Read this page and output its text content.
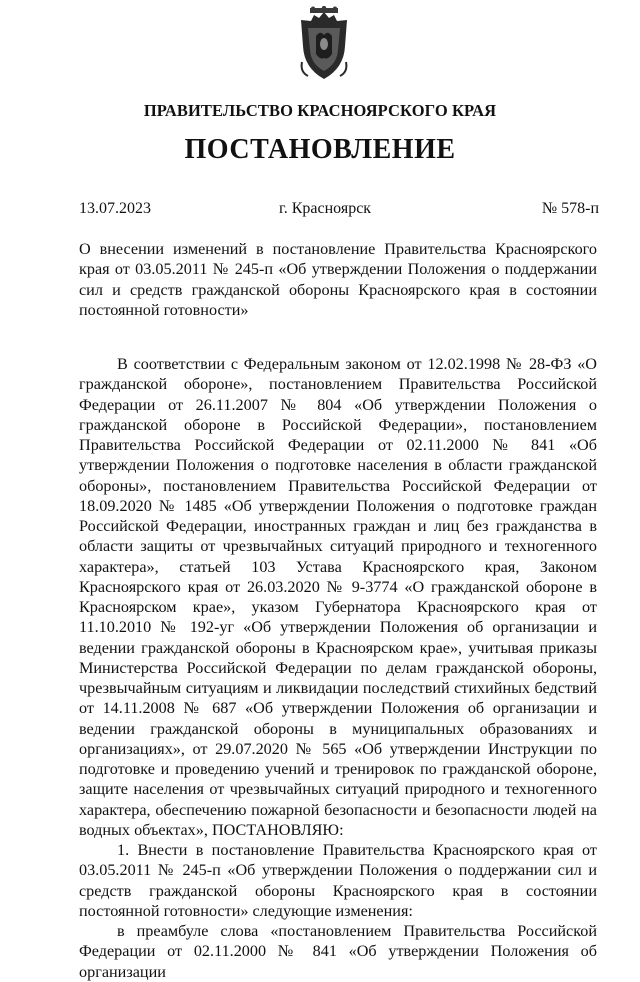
ПРАВИТЕЛЬСТВО КРАСНОЯРСКОГО КРАЯ
ПОСТАНОВЛЕНИЕ
13.07.2023	г. Красноярск	№ 578-п
О внесении изменений в постановление Правительства Красноярского края от 03.05.2011 № 245-п «Об утверждении Положения о поддержании сил и средств гражданской обороны Красноярского края в состоянии постоянной готовности»

В соответствии с Федеральным законом от 12.02.1998 № 28-ФЗ «О гражданской обороне», постановлением Правительства Российской Федерации от 26.11.2007 № 804 «Об утверждении Положения о гражданской обороне в Российской Федерации», постановлением Правительства Российской Федерации от 02.11.2000 № 841 «Об утверждении Положения о подготовке населения в области гражданской обороны», постановлением Правительства Российской Федерации от 18.09.2020 № 1485 «Об утверждении Положения о подготовке граждан Российской Федерации, иностранных граждан и лиц без гражданства в области защиты от чрезвычайных ситуаций природного и техногенного характера», статьей 103 Устава Красноярского края, Законом Красноярского края от 26.03.2020 № 9-3774 «О гражданской обороне в Красноярском крае», указом Губернатора Красноярского края от 11.10.2010 № 192-уг «Об утверждении Положения об организации и ведении гражданской обороны в Красноярском крае», учитывая приказы Министерства Российской Федерации по делам гражданской обороны, чрезвычайным ситуациям и ликвидации последствий стихийных бедствий от 14.11.2008 № 687 «Об утверждении Положения об организации и ведении гражданской обороны в муниципальных образованиях и организациях», от 29.07.2020 № 565 «Об утверждении Инструкции по подготовке и проведению учений и тренировок по гражданской обороне, защите населения от чрезвычайных ситуаций природного и техногенного характера, обеспечению пожарной безопасности и безопасности людей на водных объектах», ПОСТАНОВЛЯЮ:

1. Внести в постановление Правительства Красноярского края от 03.05.2011 № 245-п «Об утверждении Положения о поддержании сил и средств гражданской обороны Красноярского края в состоянии постоянной готовности» следующие изменения:

в преамбуле слова «постановлением Правительства Российской Федерации от 02.11.2000 № 841 «Об утверждении Положения об организации
